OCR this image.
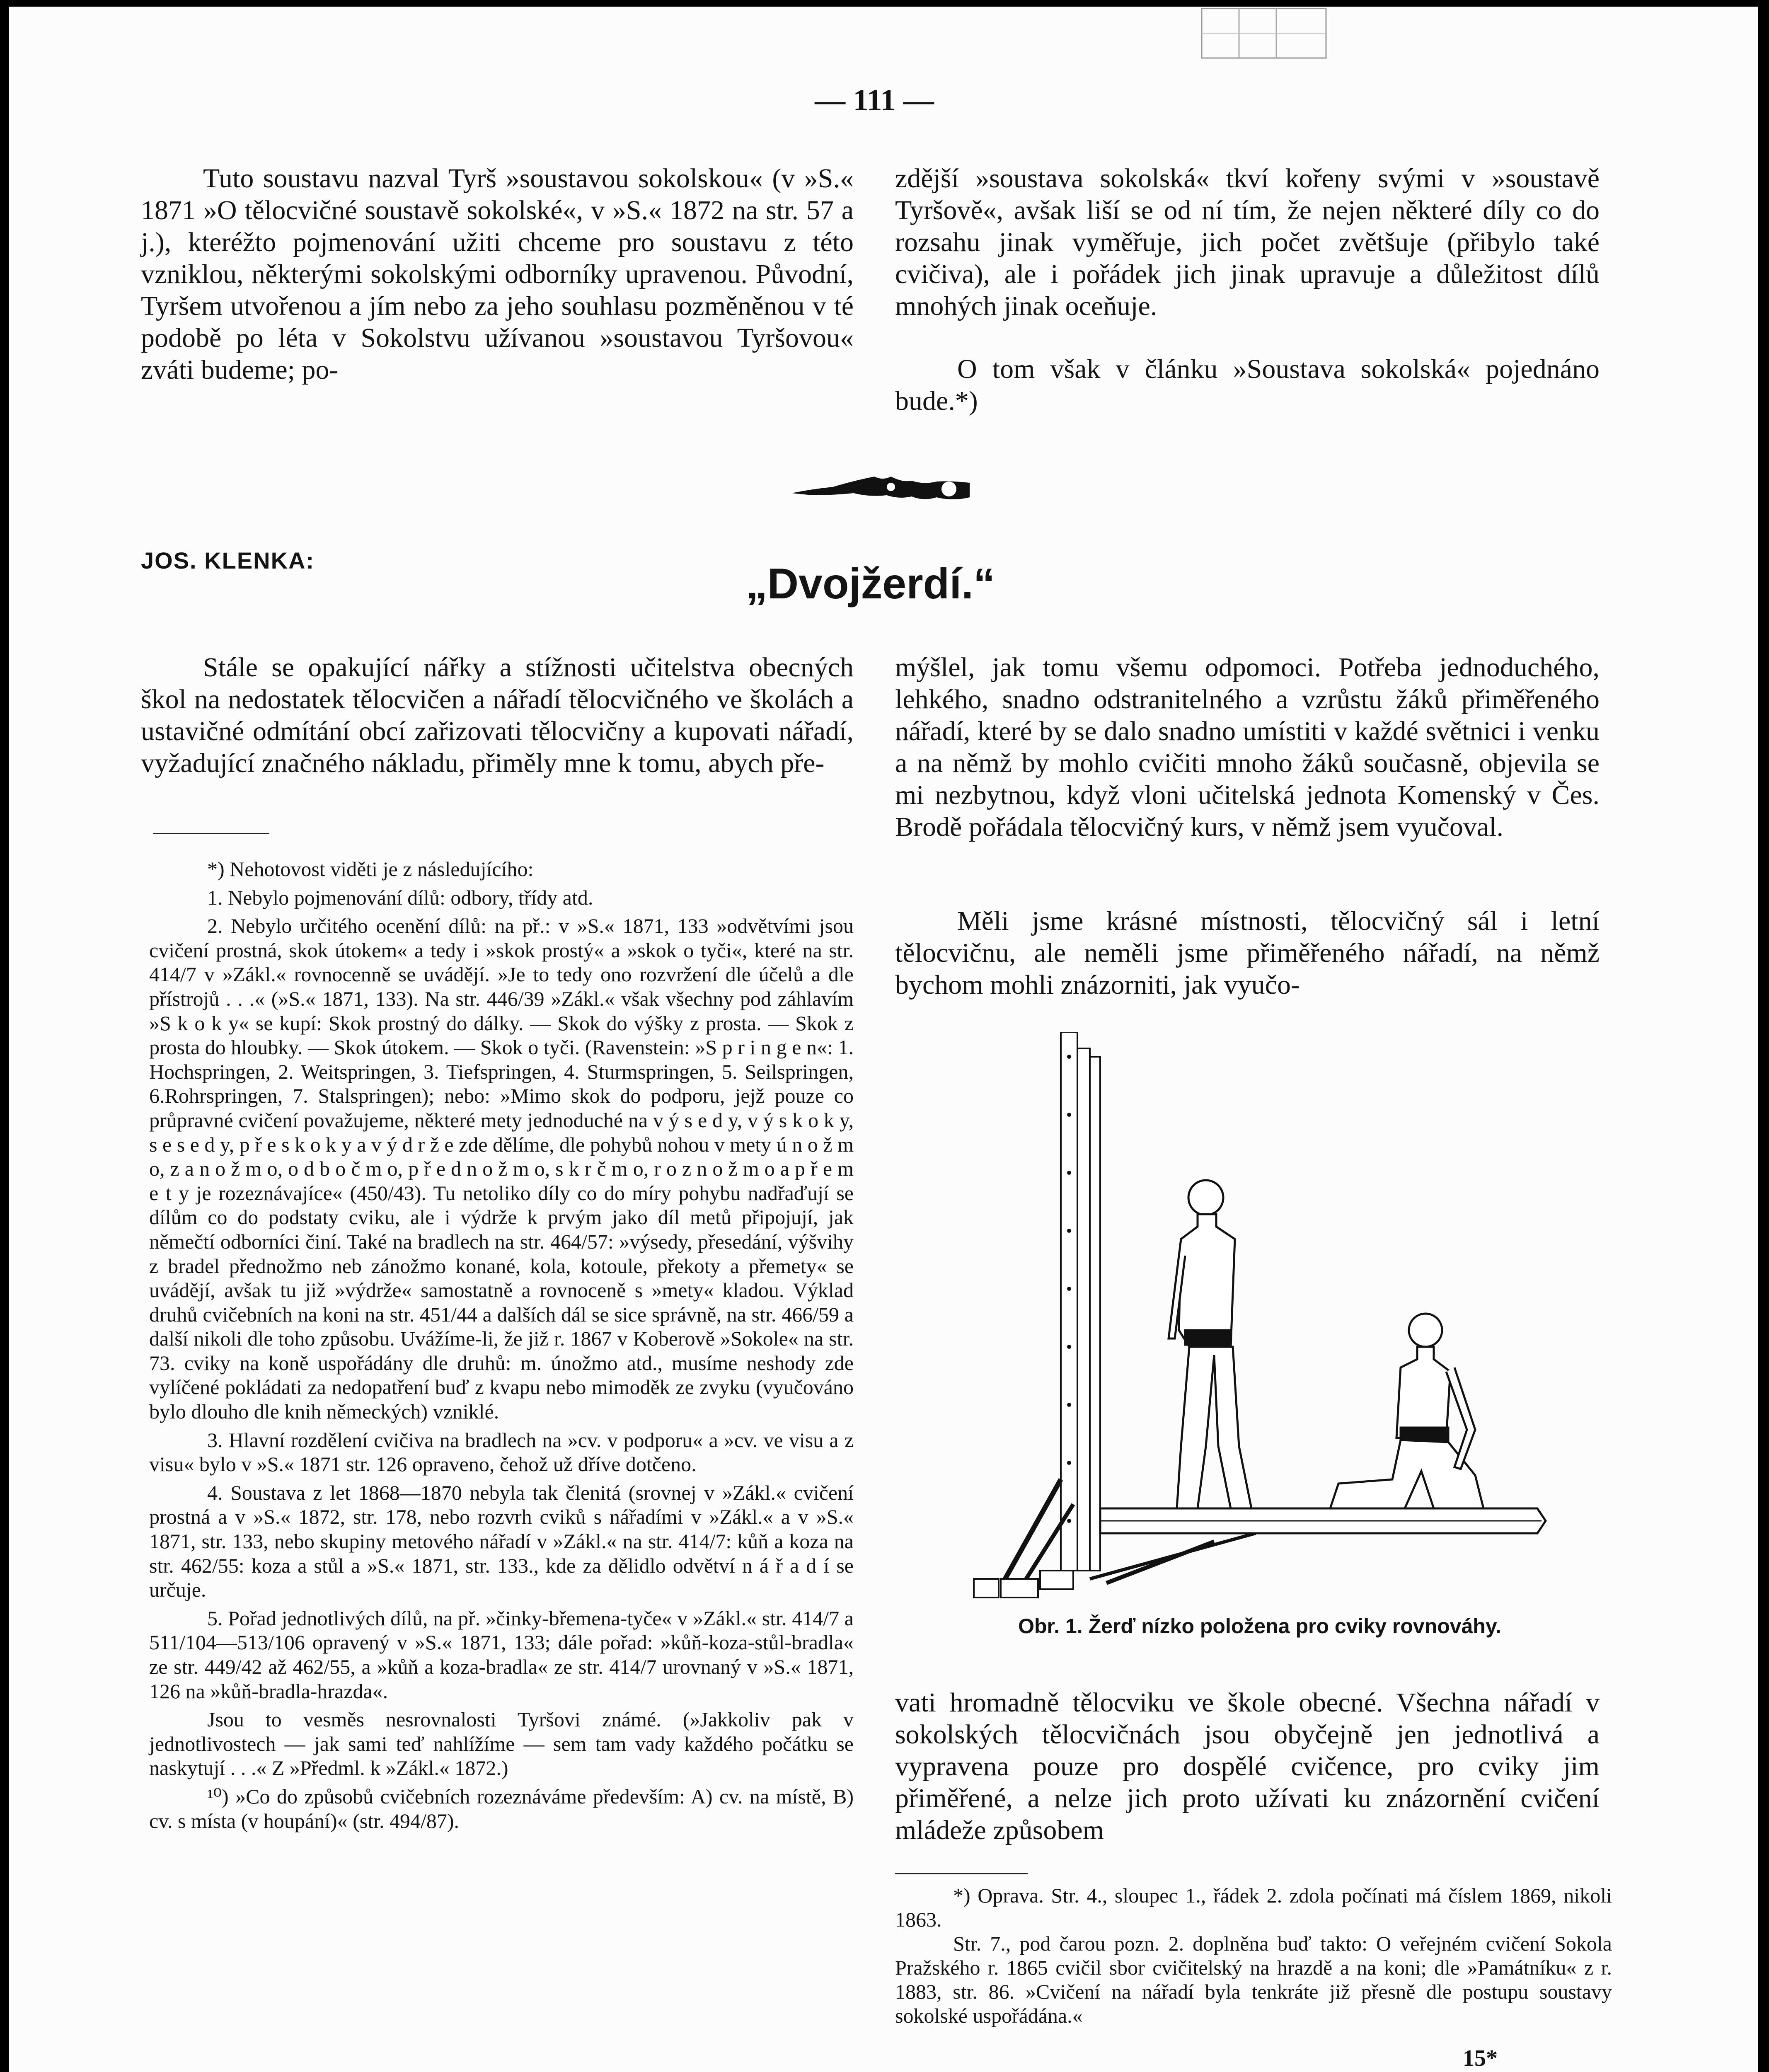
— 111 —

Tuto soustavu nazval Tyrš »soustavou sokolskou« (v »S.« 1871 »O tělocvičné soustavě sokolské«, v »S.« 1872 na str. 57 a j.), kteréžto pojmenování užiti chceme pro soustavu z této vzniklou, některými sokolskými odborníky upravenou. Původní, Tyršem utvořenou a jím nebo za jeho souhlasu pozměněnou v té podobě po léta v Sokolstvu užívanou »soustavou Tyršovou« zváti budeme; po-

zdější »soustava sokolská« tkví kořeny svými v »soustavě Tyršově«, avšak liší se od ní tím, že nejen některé díly co do rozsahu jinak vyměřuje, jich počet zvětšuje (přibylo také cvičiva), ale i pořádek jich jinak upravuje a důležitost dílů mnohých jinak oceňuje.

O tom však v článku »Soustava sokolská« pojednáno bude.*)

JOS. KLENKA:	„Dvojžerdí.“

Stále se opakující nářky a stížnosti učitelstva obecných škol na nedostatek tělocvičen a nářadí tělocvičného ve školách a ustavičné odmítání obcí zařizovati tělocvičny a kupovati nářadí, vyžadující značného nákladu, přiměly mne k tomu, abych pře-

mýšlel, jak tomu všemu odpomoci. Potřeba jednoduchého, lehkého, snadno odstranitelného a vzrůstu žáků přiměřeného nářadí, které by se dalo snadno umístiti v každé světnici i venku a na němž by mohlo cvičiti mnoho žáků současně, objevila se mi nezbytnou, když vloni učitelská jednota Komenský v Čes. Brodě pořádala tělocvičný kurs, v němž jsem vyučoval.

Měli jsme krásné místnosti, tělocvičný sál i letní tělocvičnu, ale neměli jsme přiměřeného nářadí, na němž bychom mohli znázorniti, jak vyučo-

*) Nehotovost viděti je z následujícího:

1. Nebylo pojmenování dílů: odbory, třídy atd.

2. Nebylo určitého ocenění dílů: na př.: v »S.« 1871, 133 »odvětvími jsou cvičení prostná, skok útokem« a tedy i »skok prostý« a »skok o tyči«, které na str. 414/7 v »Zákl.« rovnocenně se uvádějí. »Je to tedy ono rozvržení dle účelů a dle přístrojů . . .« (»S.« 1871, 133). Na str. 446/39 »Zákl.« však všechny pod záhlavím »S k o k y« se kupí: Skok prostný do dálky. — Skok do výšky z prosta. — Skok z prosta do hloubky. — Skok útokem. — Skok o tyči. (Ravenstein: »S p r i n g e n«: 1. Hochspringen, 2. Weitspringen, 3. Tiefspringen, 4. Sturmspringen, 5. Seilspringen, 6.Rohrspringen, 7. Stalspringen); nebo: »Mimo skok do podporu, jejž pouze co průpravné cvičení považujeme, některé mety jednoduché na v ý s e d y, v ý s k o k y, s e s e d y, p ř e s k o k y a v ý d r ž e zde dělíme, dle pohybů nohou v mety ú n o ž m o, z a n o ž m o, o d b o č m o, p ř e d n o ž m o, s k r č m o, r o z n o ž m o a p ř e m e t y je rozeznávajíce« (450/43). Tu netoliko díly co do míry pohybu nadřaďují se dílům co do podstaty cviku, ale i výdrže k prvým jako díl metů připojují, jak němečtí odborníci činí. Také na bradlech na str. 464/57: »výsedy, přesedání, výšvihy z bradel přednožmo neb zánožmo konané, kola, kotoule, překoty a přemety« se uvádějí, avšak tu již »výdrže« samostatně a rovnoceně s »mety« kladou. Výklad druhů cvičebních na koni na str. 451/44 a dalších dál se sice správně, na str. 466/59 a další nikoli dle toho způsobu. Uvážíme-li, že již r. 1867 v Koberově »Sokole« na str. 73. cviky na koně uspořádány dle druhů: m. únožmo atd., musíme neshody zde vylíčené pokládati za nedopatření buď z kvapu nebo mimoděk ze zvyku (vyučováno bylo dlouho dle knih německých) vzniklé.

3. Hlavní rozdělení cvičiva na bradlech na »cv. v podporu« a »cv. ve visu a z visu« bylo v »S.« 1871 str. 126 opraveno, čehož už dříve dotčeno.

4. Soustava z let 1868—1870 nebyla tak členitá (srovnej v »Zákl.« cvičení prostná a v »S.« 1872, str. 178, nebo rozvrh cviků s nářadími v »Zákl.« a v »S.« 1871, str. 133, nebo skupiny metového nářadí v »Zákl.« na str. 414/7: kůň a koza na str. 462/55: koza a stůl a »S.« 1871, str. 133., kde za dělidlo odvětví n á ř a d í se určuje.

5. Pořad jednotlivých dílů, na př. »činky-břemena-tyče« v »Zákl.« str. 414/7 a 511/104—513/106 opravený v »S.« 1871, 133; dále pořad: »kůň-koza-stůl-bradla« ze str. 449/42 až 462/55, a »kůň a koza-bradla« ze str. 414/7 urovnaný v »S.« 1871, 126 na »kůň-bradla-hrazda«.

Jsou to vesměs nesrovnalosti Tyršovi známé. (»Jakkoliv pak v jednotlivostech — jak sami teď nahlížíme — sem tam vady každého počátku se naskytují . . .« Z »Předml. k »Zákl.« 1872.)

¹⁰) »Co do způsobů cvičebních rozeznáváme především: A) cv. na místě, B) cv. s místa (v houpání)« (str. 494/87).

Obr. 1. Žerď nízko položena pro cviky rovnováhy.

vati hromadně tělocviku ve škole obecné. Všechna nářadí v sokolských tělocvičnách jsou obyčejně jen jednotlivá a vypravena pouze pro dospělé cvičence, pro cviky jim přiměřené, a nelze jich proto užívati ku znázornění cvičení mládeže způsobem

*) Oprava. Str. 4., sloupec 1., řádek 2. zdola počínati má číslem 1869, nikoli 1863.

Str. 7., pod čarou pozn. 2. doplněna buď takto: O veřejném cvičení Sokola Pražského r. 1865 cvičil sbor cvičitelský na hrazdě a na koni; dle »Památníku« z r. 1883, str. 86. »Cvičení na nářadí byla tenkráte již přesně dle postupu soustavy sokolské uspořádána.«

15*
